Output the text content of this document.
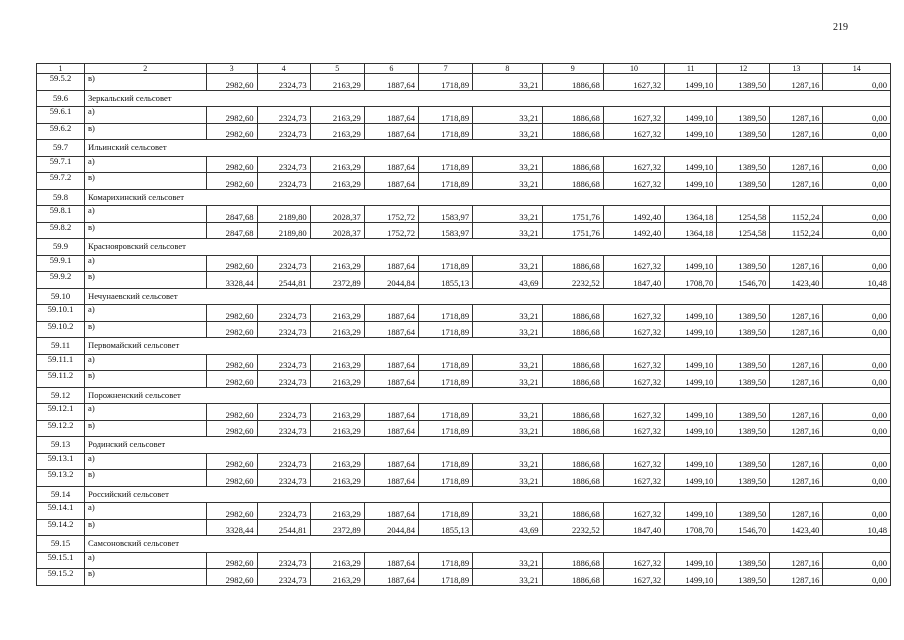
219
1	2	3	4	5	6	7	8	9	10	11	12	13	14
59.5.2	в)	2982,60	2324,73	2163,29	1887,64	1718,89	33,21	1886,68	1627,32	1499,10	1389,50	1287,16	0,00
59.6	Зеркальский сельсовет												
59.6.1	а)	2982,60	2324,73	2163,29	1887,64	1718,89	33,21	1886,68	1627,32	1499,10	1389,50	1287,16	0,00
59.6.2	в)	2982,60	2324,73	2163,29	1887,64	1718,89	33,21	1886,68	1627,32	1499,10	1389,50	1287,16	0,00
59.7	Ильинский сельсовет												
59.7.1	а)	2982,60	2324,73	2163,29	1887,64	1718,89	33,21	1886,68	1627,32	1499,10	1389,50	1287,16	0,00
59.7.2	в)	2982,60	2324,73	2163,29	1887,64	1718,89	33,21	1886,68	1627,32	1499,10	1389,50	1287,16	0,00
59.8	Комарихинский сельсовет												
59.8.1	а)	2847,68	2189,80	2028,37	1752,72	1583,97	33,21	1751,76	1492,40	1364,18	1254,58	1152,24	0,00
59.8.2	в)	2847,68	2189,80	2028,37	1752,72	1583,97	33,21	1751,76	1492,40	1364,18	1254,58	1152,24	0,00
59.9	Краснояровский сельсовет												
59.9.1	а)	2982,60	2324,73	2163,29	1887,64	1718,89	33,21	1886,68	1627,32	1499,10	1389,50	1287,16	0,00
59.9.2	в)	3328,44	2544,81	2372,89	2044,84	1855,13	43,69	2232,52	1847,40	1708,70	1546,70	1423,40	10,48
59.10	Нечунаевский сельсовет												
59.10.1	а)	2982,60	2324,73	2163,29	1887,64	1718,89	33,21	1886,68	1627,32	1499,10	1389,50	1287,16	0,00
59.10.2	в)	2982,60	2324,73	2163,29	1887,64	1718,89	33,21	1886,68	1627,32	1499,10	1389,50	1287,16	0,00
59.11	Первомайский сельсовет												
59.11.1	а)	2982,60	2324,73	2163,29	1887,64	1718,89	33,21	1886,68	1627,32	1499,10	1389,50	1287,16	0,00
59.11.2	в)	2982,60	2324,73	2163,29	1887,64	1718,89	33,21	1886,68	1627,32	1499,10	1389,50	1287,16	0,00
59.12	Порожненский сельсовет												
59.12.1	а)	2982,60	2324,73	2163,29	1887,64	1718,89	33,21	1886,68	1627,32	1499,10	1389,50	1287,16	0,00
59.12.2	в)	2982,60	2324,73	2163,29	1887,64	1718,89	33,21	1886,68	1627,32	1499,10	1389,50	1287,16	0,00
59.13	Родинский сельсовет												
59.13.1	а)	2982,60	2324,73	2163,29	1887,64	1718,89	33,21	1886,68	1627,32	1499,10	1389,50	1287,16	0,00
59.13.2	в)	2982,60	2324,73	2163,29	1887,64	1718,89	33,21	1886,68	1627,32	1499,10	1389,50	1287,16	0,00
59.14	Российский сельсовет												
59.14.1	а)	2982,60	2324,73	2163,29	1887,64	1718,89	33,21	1886,68	1627,32	1499,10	1389,50	1287,16	0,00
59.14.2	в)	3328,44	2544,81	2372,89	2044,84	1855,13	43,69	2232,52	1847,40	1708,70	1546,70	1423,40	10,48
59.15	Самсоновский сельсовет												
59.15.1	а)	2982,60	2324,73	2163,29	1887,64	1718,89	33,21	1886,68	1627,32	1499,10	1389,50	1287,16	0,00
59.15.2	в)	2982,60	2324,73	2163,29	1887,64	1718,89	33,21	1886,68	1627,32	1499,10	1389,50	1287,16	0,00
